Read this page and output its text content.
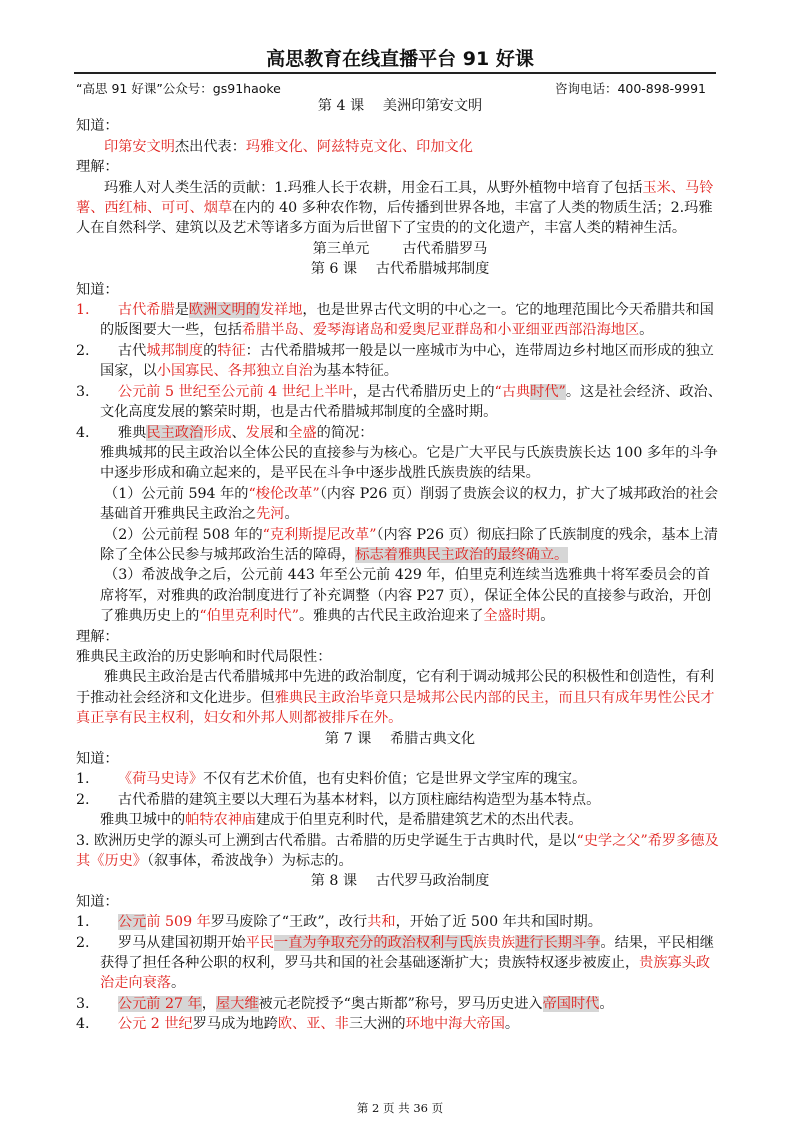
高思教育在线直播平台 91 好课
“高思 91 好课”公众号：gs91haoke	咨询电话：400-898-9991

第 4 课　 美洲印第安文明

知道：

印第安文明杰出代表：玛雅文化、阿兹特克文化、印加文化

理解：

玛雅人对人类生活的贡献：1.玛雅人长于农耕，用金石工具，从野外植物中培育了包括玉米、马铃薯、西红柿、可可、烟草在内的 40 多种农作物，后传播到世界各地，丰富了人类的物质生活；2.玛雅人在自然科学、建筑以及艺术等诸多方面为后世留下了宝贵的的文化遗产，丰富人类的精神生活。

第三单元　　 古代希腊罗马

第 6 课　 古代希腊城邦制度

知道：

1.   古代希腊是欧洲文明的发祥地，也是世界古代文明的中心之一。它的地理范围比今天希腊共和国的版图要大一些，包括希腊半岛、爱琴海诸岛和爱奥尼亚群岛和小亚细亚西部沿海地区。

2.   古代城邦制度的特征：古代希腊城邦一般是以一座城市为中心，连带周边乡村地区而形成的独立国家，以小国寡民、各邦独立自治为基本特征。

3.   公元前 5 世纪至公元前 4 世纪上半叶，是古代希腊历史上的“古典时代”。这是社会经济、政治、文化高度发展的繁荣时期，也是古代希腊城邦制度的全盛时期。

4.   雅典民主政治形成、发展和全盛的简况：

雅典城邦的民主政治以全体公民的直接参与为核心。它是广大平民与氏族贵族长达 100 多年的斗争中逐步形成和确立起来的，是平民在斗争中逐步战胜氏族贵族的结果。

（1）公元前 594 年的“梭伦改革”（内容 P26 页）削弱了贵族会议的权力，扩大了城邦政治的社会基础首开雅典民主政治之先河。

（2）公元前程 508 年的“克利斯提尼改革”（内容 P26 页）彻底扫除了氏族制度的残余，基本上清除了全体公民参与城邦政治生活的障碍，标志着雅典民主政治的最终确立。

（3）希波战争之后，公元前 443 年至公元前 429 年，伯里克利连续当选雅典十将军委员会的首席将军，对雅典的政治制度进行了补充调整（内容 P27 页），保证全体公民的直接参与政治，开创了雅典历史上的“伯里克利时代”。雅典的古代民主政治迎来了全盛时期。

理解：

雅典民主政治的历史影响和时代局限性：

雅典民主政治是古代希腊城邦中先进的政治制度，它有利于调动城邦公民的积极性和创造性，有利于推动社会经济和文化进步。但雅典民主政治毕竟只是城邦公民内部的民主，而且只有成年男性公民才真正享有民主权利，妇女和外邦人则都被排斥在外。

第 7 课　 希腊古典文化

知道：

1.   《荷马史诗》不仅有艺术价值，也有史料价值；它是世界文学宝库的瑰宝。

2.   古代希腊的建筑主要以大理石为基本材料，以方顶柱廊结构造型为基本特点。

雅典卫城中的帕特农神庙建成于伯里克利时代，是希腊建筑艺术的杰出代表。

3. 欧洲历史学的源头可上溯到古代希腊。古希腊的历史学诞生于古典时代，是以“史学之父”希罗多德及其《历史》（叙事体，希波战争）为标志的。

第 8 课　 古代罗马政治制度

知道：

1.   公元前 509 年罗马废除了“王政”，改行共和，开始了近 500 年共和国时期。

2.   罗马从建国初期开始平民一直为争取充分的政治权利与氏族贵族进行长期斗争。结果，平民相继获得了担任各种公职的权利，罗马共和国的社会基础逐渐扩大；贵族特权逐步被废止，贵族寡头政治走向衰落。

3.   公元前 27 年，屋大维被元老院授予“奥古斯都”称号，罗马历史进入帝国时代。

4.   公元 2 世纪罗马成为地跨欧、亚、非三大洲的环地中海大帝国。

第 2 页 共 36 页
